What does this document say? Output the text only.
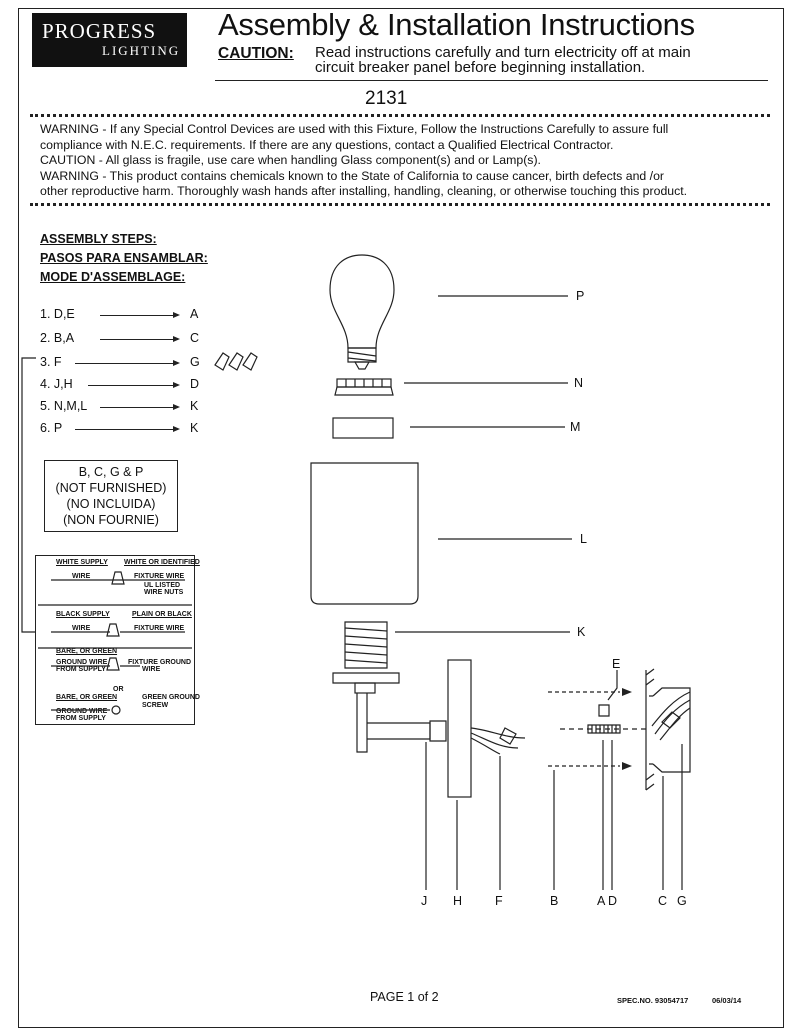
PROGRESS
LIGHTING
Assembly & Installation Instructions
CAUTION: Read instructions carefully and turn electricity off at main
circuit breaker panel before beginning installation.
2131

WARNING - If any Special Control Devices are used with this Fixture, Follow the Instructions Carefully to assure full

compliance with N.E.C. requirements. If there are any questions, contact a Qualified Electrical Contractor.

CAUTION - All glass is fragile, use care when handling Glass component(s) and or Lamp(s).

WARNING - This product contains chemicals known to the State of California to cause cancer, birth defects and /or

other reproductive harm. Thoroughly wash hands after installing, handling, cleaning, or otherwise touching this product.

ASSEMBLY STEPS:
PASOS PARA ENSAMBLAR:
MODE D'ASSEMBLAGE:
1. D,E	A
2. B,A	C
3. F	G
4. J,H	D
5. N,M,L	K
6. P	K
B, C, G & P
(NOT FURNISHED)
(NO INCLUIDA)
(NON FOURNIE)
WHITE SUPPLY WHITE OR IDENTIFIED
WIRE	FIXTURE WIRE
UL LISTED
WIRE NUTS
BLACK SUPPLY	PLAIN OR BLACK
WIRE	FIXTURE WIRE
BARE, OR GREEN
GROUND WIRE
FROM SUPPLY
FIXTURE GROUND
WIRE
OR
BARE, OR GREEN	GREEN GROUND
SCREW
GROUND WIRE
FROM SUPPLY
P
N
M
L
K
E
J H	F	B	A D	C G
PAGE 1 of 2	SPEC.NO. 93054717	06/03/14
